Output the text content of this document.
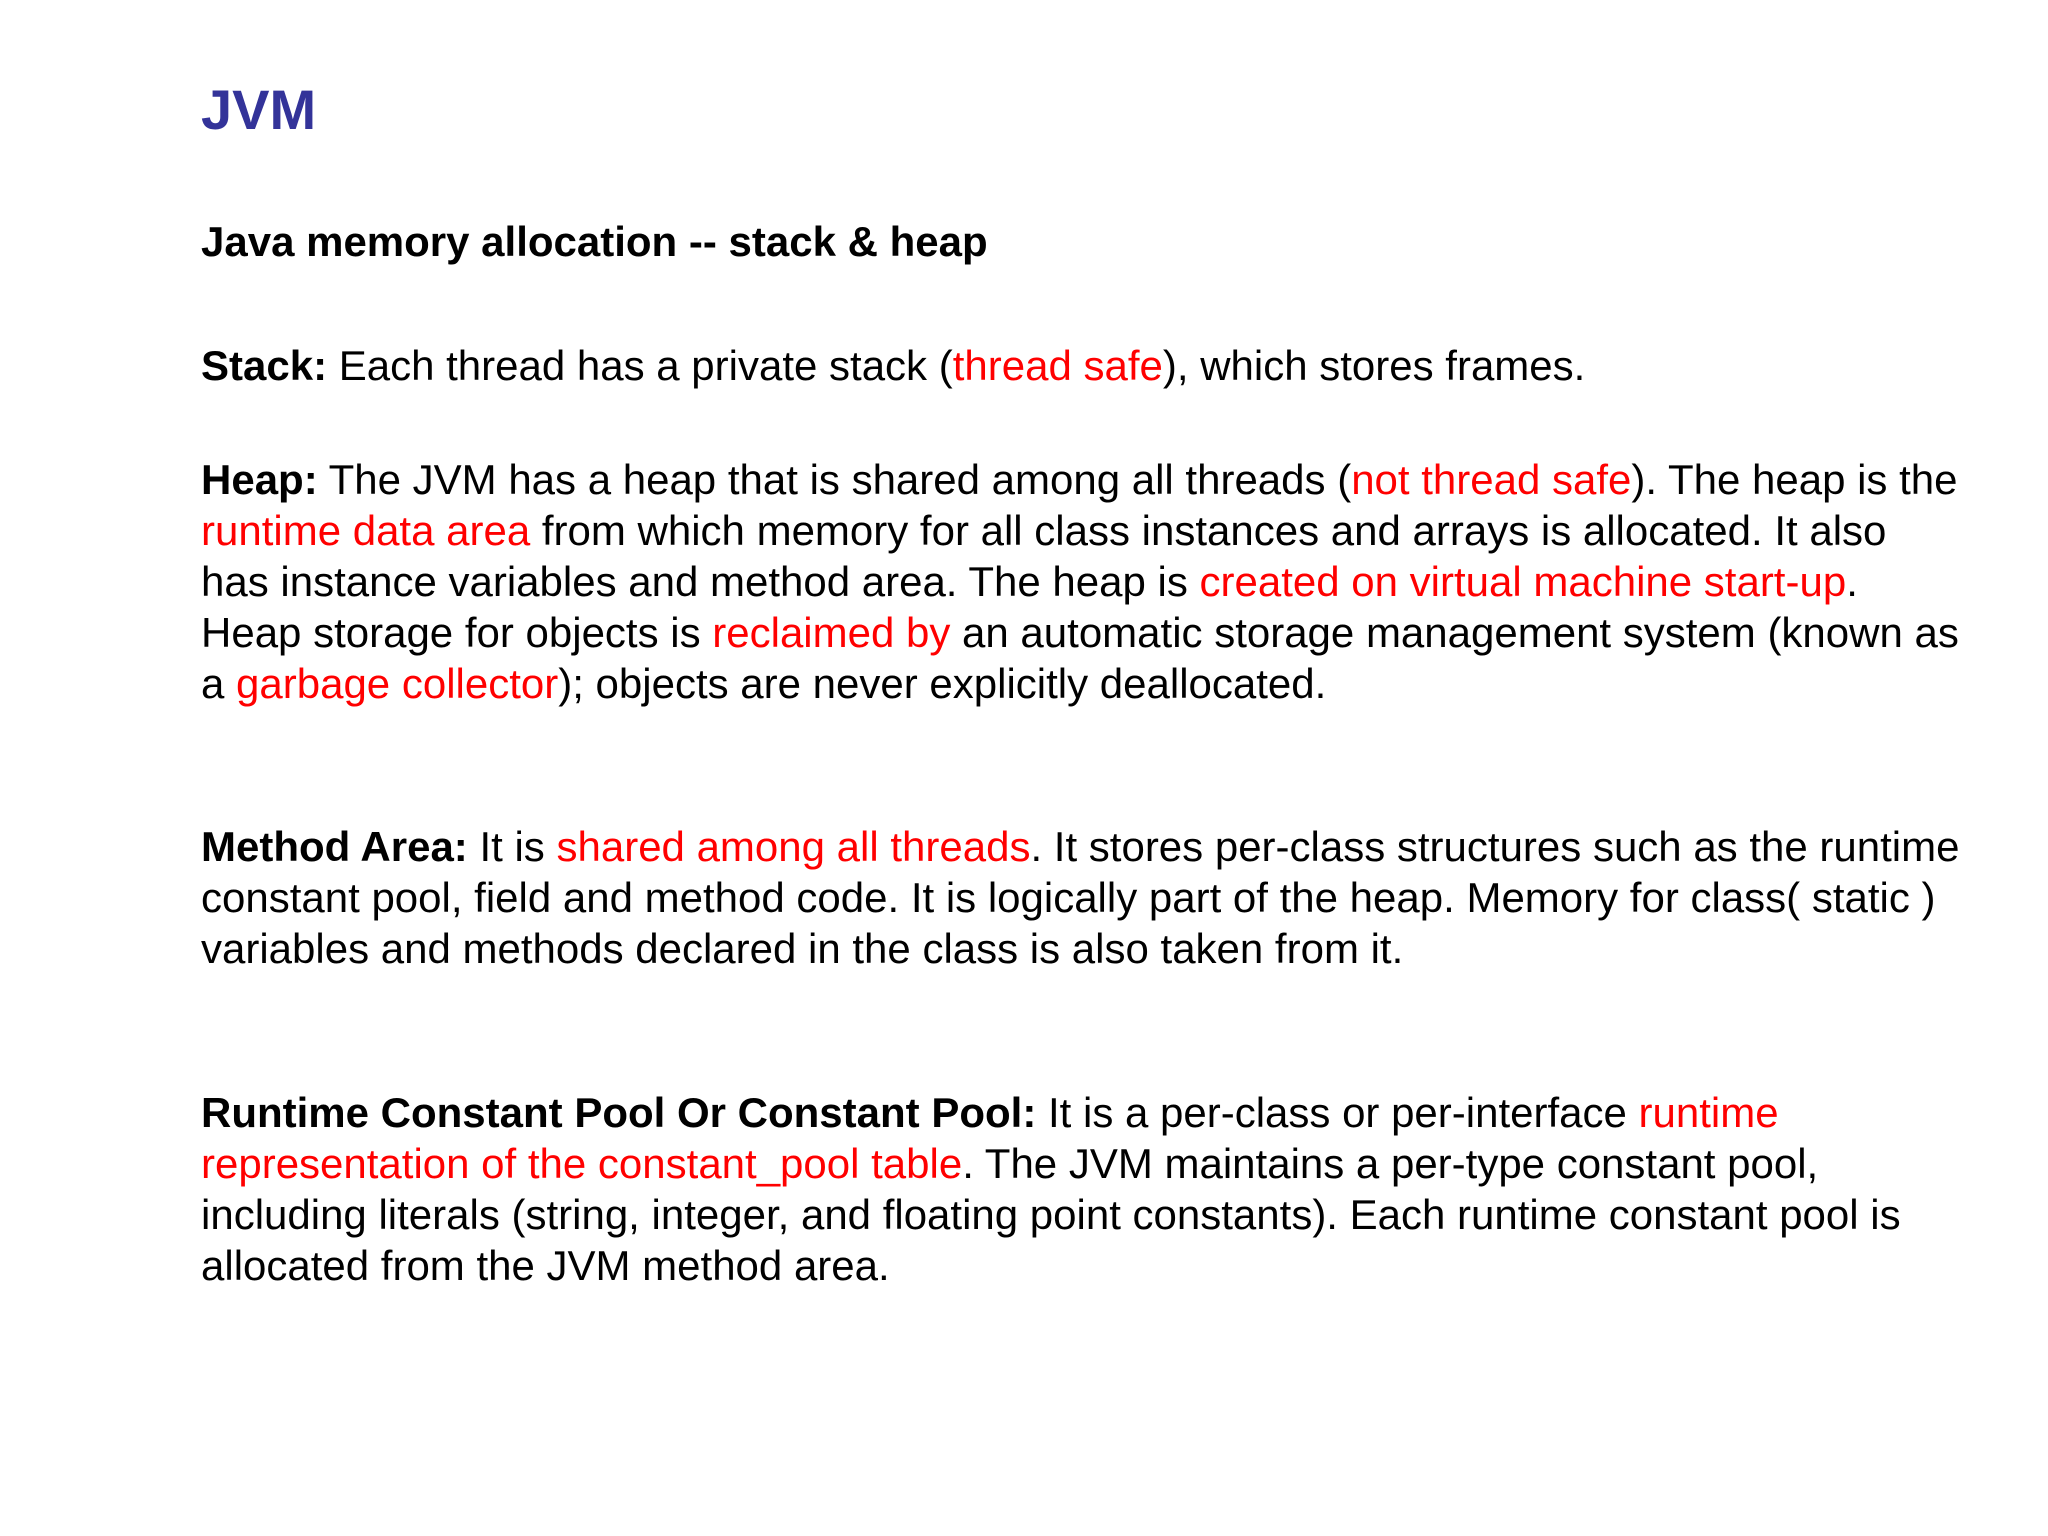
JVM
Java memory allocation -- stack & heap

Stack: Each thread has a private stack (thread safe), which stores frames.

Heap: The JVM has a heap that is shared among all threads (not thread safe). The heap is the runtime data area from which memory for all class instances and arrays is allocated. It also has instance variables and method area. The heap is created on virtual machine start-up. Heap storage for objects is reclaimed by an automatic storage management system (known as a garbage collector); objects are never explicitly deallocated.

Method Area: It is shared among all threads. It stores per-class structures such as the runtime constant pool, field and method code. It is logically part of the heap. Memory for class( static ) variables and methods declared in the class is also taken from it.

Runtime Constant Pool Or Constant Pool: It is a per-class or per-interface runtime representation of the constant_pool table. The JVM maintains a per-type constant pool, including literals (string, integer, and floating point constants). Each runtime constant pool is allocated from the JVM method area.
